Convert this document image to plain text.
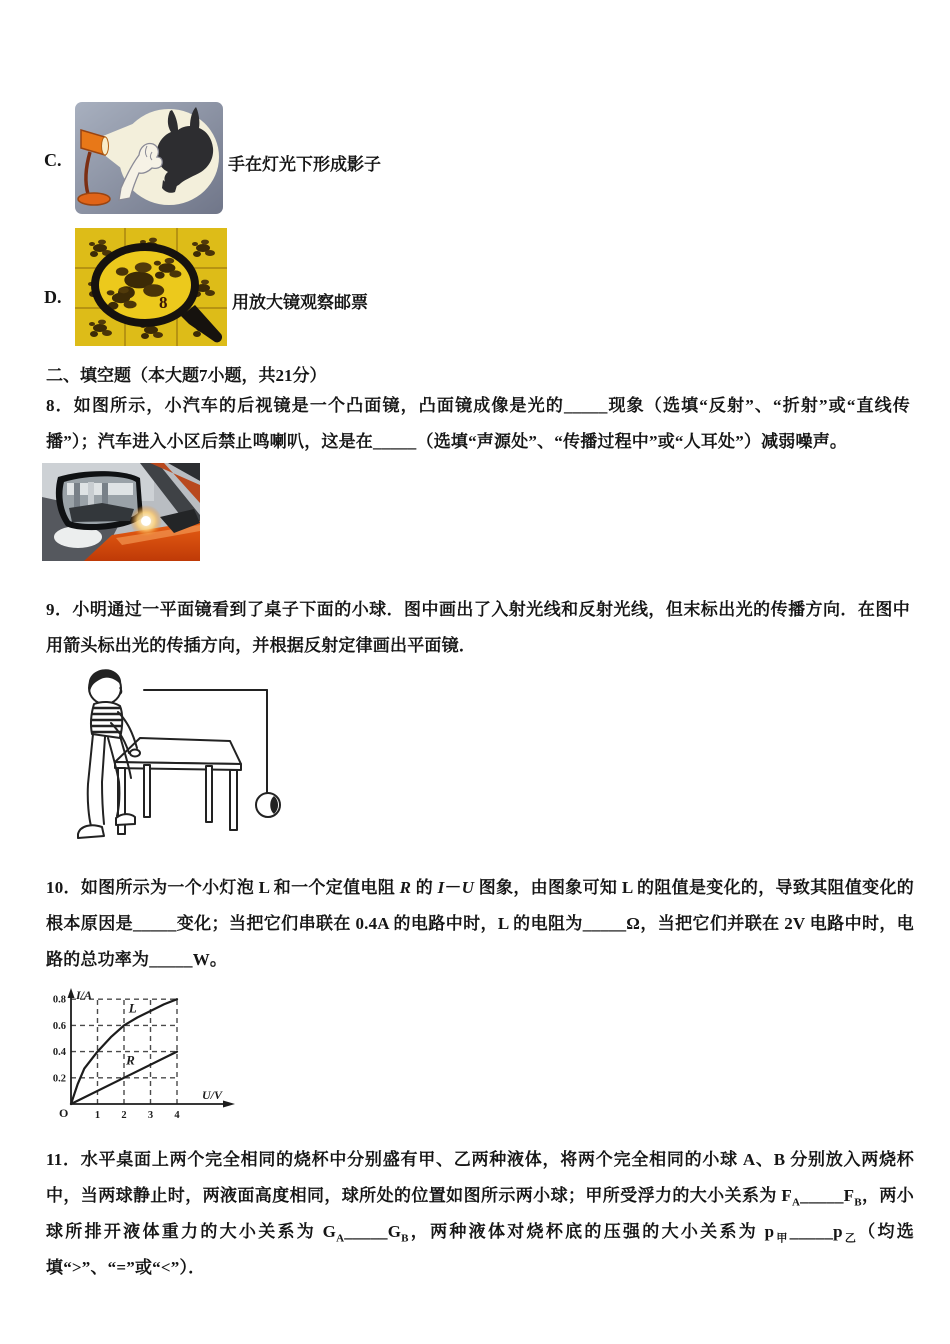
C.	手在灯光下形成影子
D.	8	用放大镜观察邮票
二、填空题（本大题7小题，共21分）
8．如图所示，小汽车的后视镜是一个凸面镜，凸面镜成像是光的_____现象（选填“反射”、“折射”或“直线传播”）；汽车进入小区后禁止鸣喇叭，这是在_____（选填“声源处”、“传播过程中”或“人耳处”）减弱噪声。
9．小明通过一平面镜看到了桌子下面的小球．图中画出了入射光线和反射光线，但末标出光的传播方向．在图中用箭头标出光的传插方向，并根据反射定律画出平面镜．
10．如图所示为一个小灯泡 L 和一个定值电阻 R 的 I－U 图象，由图象可知 L 的阻值是变化的，导致其阻值变化的根本原因是_____变化；当把它们串联在 0.4A 的电路中时，L 的电阻为_____Ω，当把它们并联在 2V 电路中时，电路的总功率为_____W。
I/A
U/V
O	1 2 3 4
0.2
0.4
0.6
0.8
L
R
11．水平桌面上两个完全相同的烧杯中分别盛有甲、乙两种液体，将两个完全相同的小球 A、B 分别放入两烧杯中，当两球静止时，两液面高度相同，球所处的位置如图所示两小球；甲所受浮力的大小关系为 $F_A\_\_\_\_\_F_B$，两小球所排开液体重力的大小关系为 $G_A\_\_\_\_\_G_B$，两种液体对烧杯底的压强的大小关系为 $p_甲\_\_\_\_\_p_乙$（均选填“>”、“=”或“<”）．
